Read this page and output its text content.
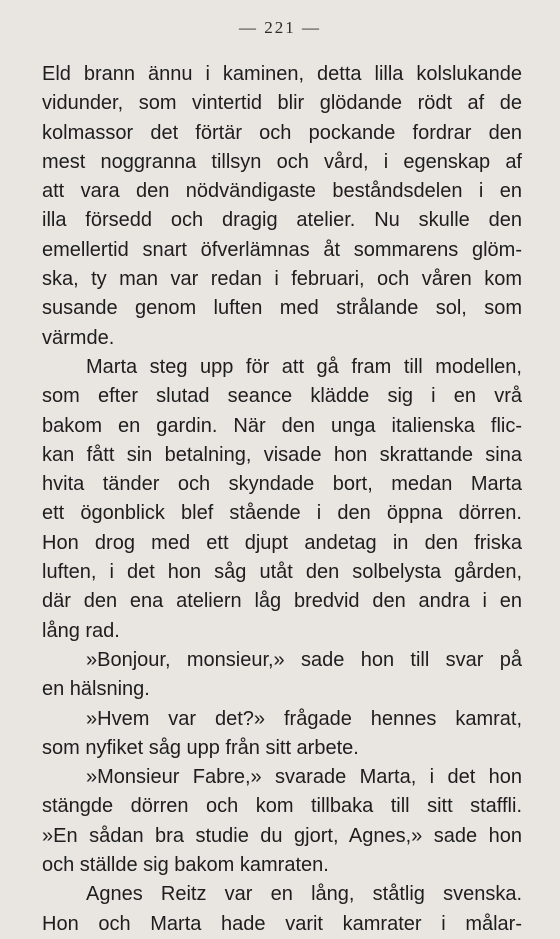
— 221 —
Eld brann ännu i kaminen, detta lilla kolslukande
vidunder, som vintertid blir glödande rödt af de
kolmassor det förtär och pockande fordrar den
mest noggranna tillsyn och vård, i egenskap af
att vara den nödvändigaste beståndsdelen i en
illa försedd och dragig atelier. Nu skulle den
emellertid snart öfverlämnas åt sommarens glöm-
ska, ty man var redan i februari, och våren kom
susande genom luften med strålande sol, som
värmde.
Marta steg upp för att gå fram till modellen,
som efter slutad seance klädde sig i en vrå
bakom en gardin. När den unga italienska flic-
kan fått sin betalning, visade hon skrattande sina
hvita tänder och skyndade bort, medan Marta
ett ögonblick blef stående i den öppna dörren.
Hon drog med ett djupt andetag in den friska
luften, i det hon såg utåt den solbelysta gården,
där den ena ateliern låg bredvid den andra i en
lång rad.
»Bonjour, monsieur,» sade hon till svar på
en hälsning.
»Hvem var det?» frågade hennes kamrat,
som nyfiket såg upp från sitt arbete.
»Monsieur Fabre,» svarade Marta, i det hon
stängde dörren och kom tillbaka till sitt staffli.
»En sådan bra studie du gjort, Agnes,» sade hon
och ställde sig bakom kamraten.
Agnes Reitz var en lång, ståtlig svenska.
Hon och Marta hade varit kamrater i målar-
